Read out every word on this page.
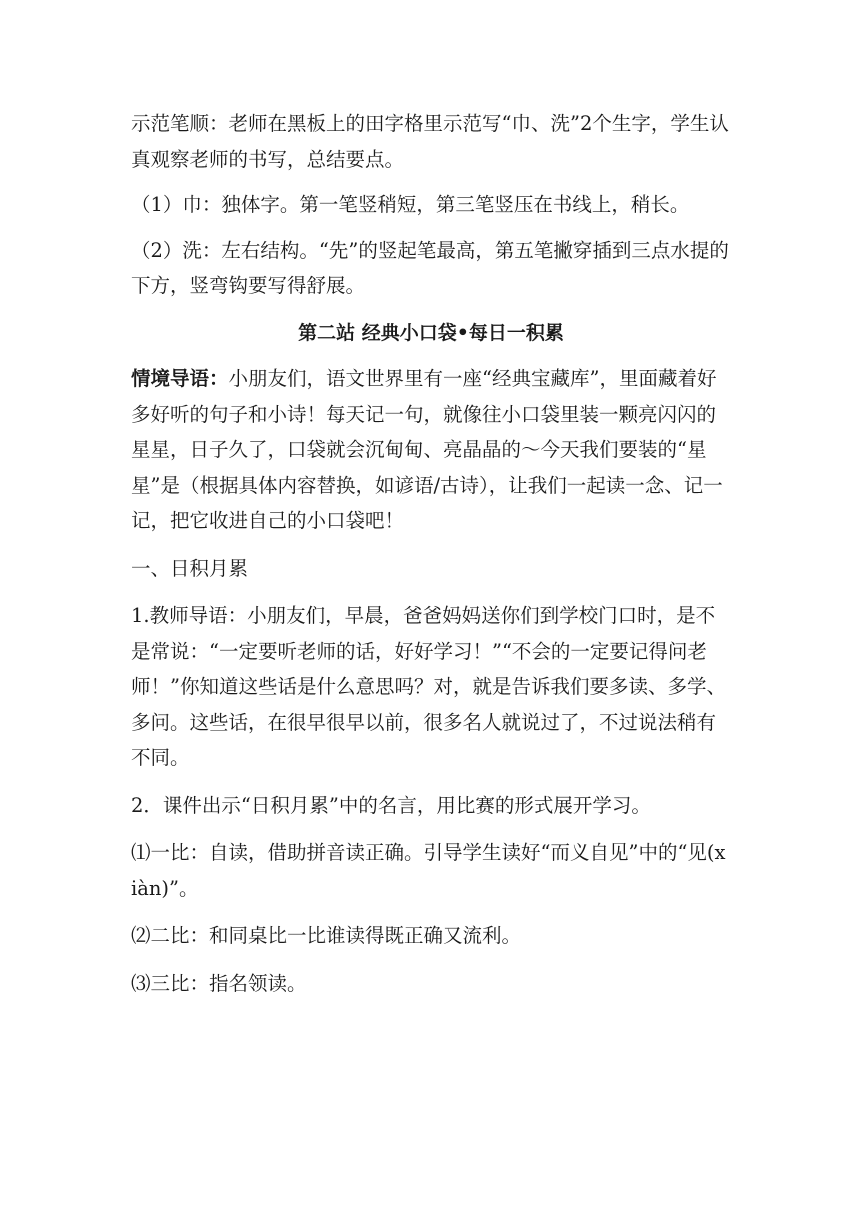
示范笔顺：老师在黑板上的田字格里示范写“巾、洗”2个生字，学生认真观察老师的书写，总结要点。

（1）巾：独体字。第一笔竖稍短，第三笔竖压在书线上，稍长。

（2）洗：左右结构。“先”的竖起笔最高，第五笔撇穿插到三点水提的下方，竖弯钩要写得舒展。

第二站 经典小口袋•每日一积累

情境导语：小朋友们，语文世界里有一座“经典宝藏库”，里面藏着好多好听的句子和小诗！每天记一句，就像往小口袋里装一颗亮闪闪的星星，日子久了，口袋就会沉甸甸、亮晶晶的～今天我们要装的“星星”是（根据具体内容替换，如谚语/古诗），让我们一起读一念、记一记，把它收进自己的小口袋吧！

一、日积月累

1.教师导语：小朋友们，早晨，爸爸妈妈送你们到学校门口时，是不是常说：“一定要听老师的话，好好学习！”“不会的一定要记得问老师！”你知道这些话是什么意思吗？对，就是告诉我们要多读、多学、多问。这些话，在很早很早以前，很多名人就说过了，不过说法稍有不同。

2．课件出示“日积月累”中的名言，用比赛的形式展开学习。

⑴一比：自读，借助拼音读正确。引导学生读好“而义自见”中的“见(xiàn)”。

⑵二比：和同桌比一比谁读得既正确又流利。

⑶三比：指名领读。
